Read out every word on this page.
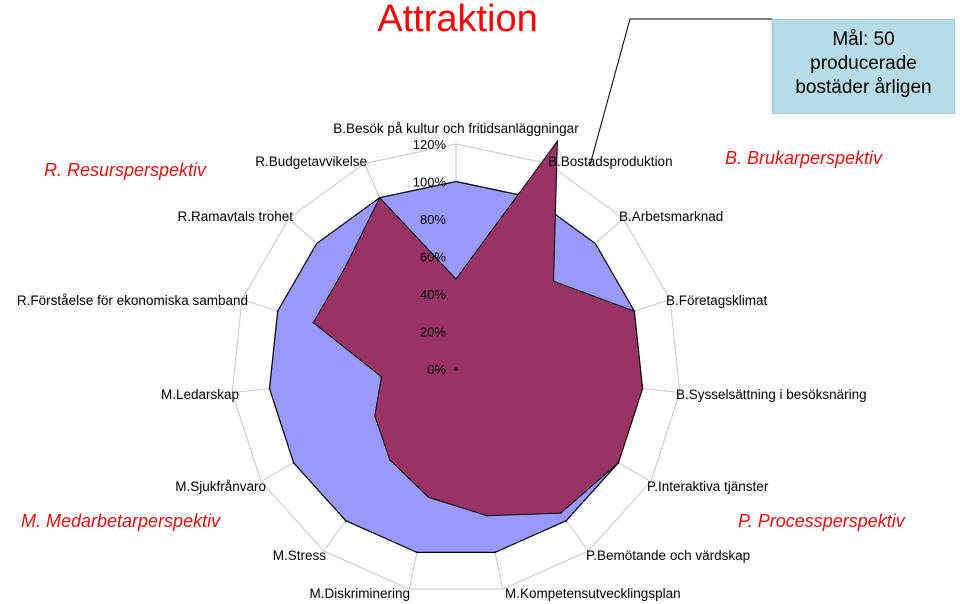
Attraktion
0%
20%
40%
60%
80%
100%
120%
B.Besök på kultur och fritidsanläggningar
B.Bostadsproduktion
B.Arbetsmarknad
B.Företagsklimat
B.Sysselsättning i besöksnäring
P.Interaktiva tjänster
P.Bemötande och värdskap
M.Kompetensutvecklingsplan
M.Diskriminering
M.Stress
M.Sjukfrånvaro
M.Ledarskap
R.Förståelse för ekonomiska samband
R.Ramavtals trohet
R.Budgetavvikelse
Mål: 50
producerade
bostäder årligen
R. Resursperspektiv
B. Brukarperspektiv
M. Medarbetarperspektiv	P. Processperspektiv
